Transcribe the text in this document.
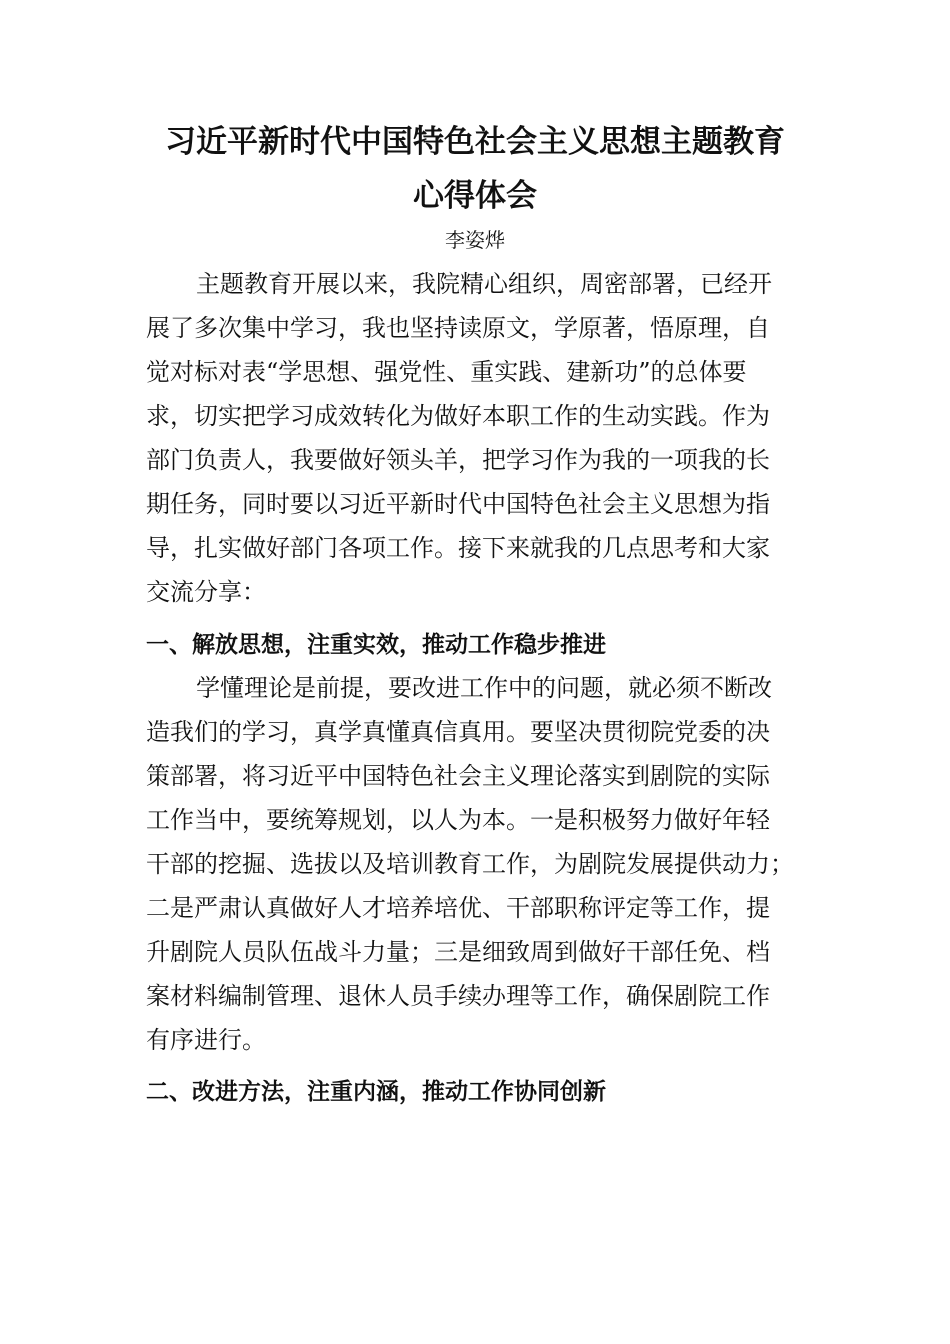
习近平新时代中国特色社会主义思想主题教育
心得体会
李姿烨
主题教育开展以来，我院精心组织，周密部署，已经开
展了多次集中学习，我也坚持读原文，学原著，悟原理，自
觉对标对表“学思想、强党性、重实践、建新功”的总体要
求，切实把学习成效转化为做好本职工作的生动实践。作为
部门负责人，我要做好领头羊，把学习作为我的一项我的长
期任务，同时要以习近平新时代中国特色社会主义思想为指
导，扎实做好部门各项工作。接下来就我的几点思考和大家
交流分享：
一、解放思想，注重实效，推动工作稳步推进
学懂理论是前提，要改进工作中的问题，就必须不断改
造我们的学习，真学真懂真信真用。要坚决贯彻院党委的决
策部署，将习近平中国特色社会主义理论落实到剧院的实际
工作当中，要统筹规划，以人为本。一是积极努力做好年轻
干部的挖掘、选拔以及培训教育工作，为剧院发展提供动力；
二是严肃认真做好人才培养培优、干部职称评定等工作，提
升剧院人员队伍战斗力量；三是细致周到做好干部任免、档
案材料编制管理、退休人员手续办理等工作，确保剧院工作
有序进行。
二、改进方法，注重内涵，推动工作协同创新
